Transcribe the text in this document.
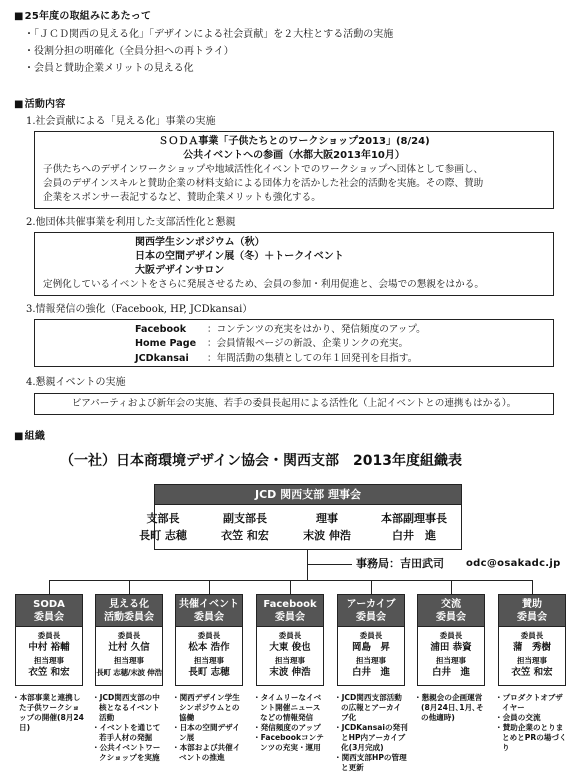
■ 25年度の取組みにあたって
・「ＪＣＤ関西の見える化」「デザインによる社会貢献」を２大柱とする活動の実施
・役割分担の明確化（全員分担への再トライ）
・会員と賛助企業メリットの見える化
■ 活動内容
1.社会貢献による「見える化」事業の実施
ＳＯＤＡ事業「子供たちとのワークショップ2013」(8/24)
公共イベントへの参画（水都大阪2013年10月）
子供たちへのデザインワークショップや地域活性化イベントでのワークショップへ団体として参画し、
会員のデザインスキルと賛助企業の材料支給による団体力を活かした社会的活動を実施。その際、賛助
企業をスポンサー表記するなど、賛助企業メリットも強化する。
2.他団体共催事業を利用した支部活性化と懇親
関西学生シンポジウム（秋）
日本の空間デザイン展（冬）＋トークイベント
大阪デザインサロン
定例化しているイベントをさらに発展させるため、会員の参加・利用促進と、会場での懇親をはかる。
3.情報発信の強化（Facebook, HP, JCDkansai）
Facebook	：コンテンツの充実をはかり、発信頻度のアップ。
Home Page	：会員情報ページの新設、企業リンクの充実。
JCDkansai	：年間活動の集積としての年１回発刊を目指す。
4.懇親イベントの実施
ビアパーティおよび新年会の実施、若手の委員長起用による活性化（上記イベントとの連携もはかる）。
■ 組織
（一社）日本商環境デザイン協会・関西支部　2013年度組織表
JCD 関西支部 理事会
支部長
長町 志穂
副支部長
衣笠 和宏
理事
末波 伸浩
本部副理事長
白井　進
事務局：吉田武司 odc@osakadc.jp
SODA
委員会
委員長
中村 裕輔
担当理事
衣笠 和宏
見える化
活動委員会
委員長
辻村 久信
担当理事
長町 志穂/末波 伸浩
共催イベント
委員会
委員長
松本 浩作
担当理事
長町 志穂
Facebook
委員会
委員長
大東 俊也
担当理事
末波 伸浩
アーカイブ
委員会
委員長
岡島　昇
担当理事
白井　進
交流
委員会
委員長
浦田 恭資
担当理事
白井　進
賛助
委員会
委員長
蒲　秀樹
担当理事
衣笠 和宏
・ 本部事業と連携した子供ワークショップの開催(8月24日)
・ JCD関西支部の中核となるイベント活動
・ イベントを通じて若手人材の発掘
・ 公共イベントワークショップを実施
・ 関西デザイン学生シンポジウムとの協働
・ 日本の空間デザイン展
・ 本部および共催イベントの推進
・ タイムリーなイベント開催ニュースなどの情報発信
・ 発信頻度のアップ
・ Facebookコンテンツの充実・運用
・ JCD関西支部活動の広報とアーカイブ化
・ JCDKansaiの発刊とHP内アーカイブ化(3月完成)
・ 関西支部HPの管理と更新
・ 懇親会の企画運営(8月24日､1月､その他適時)
・ プロダクトオブザイヤー
・ 会員の交流
・ 賛助企業のとりまとめとPRの場づくり
